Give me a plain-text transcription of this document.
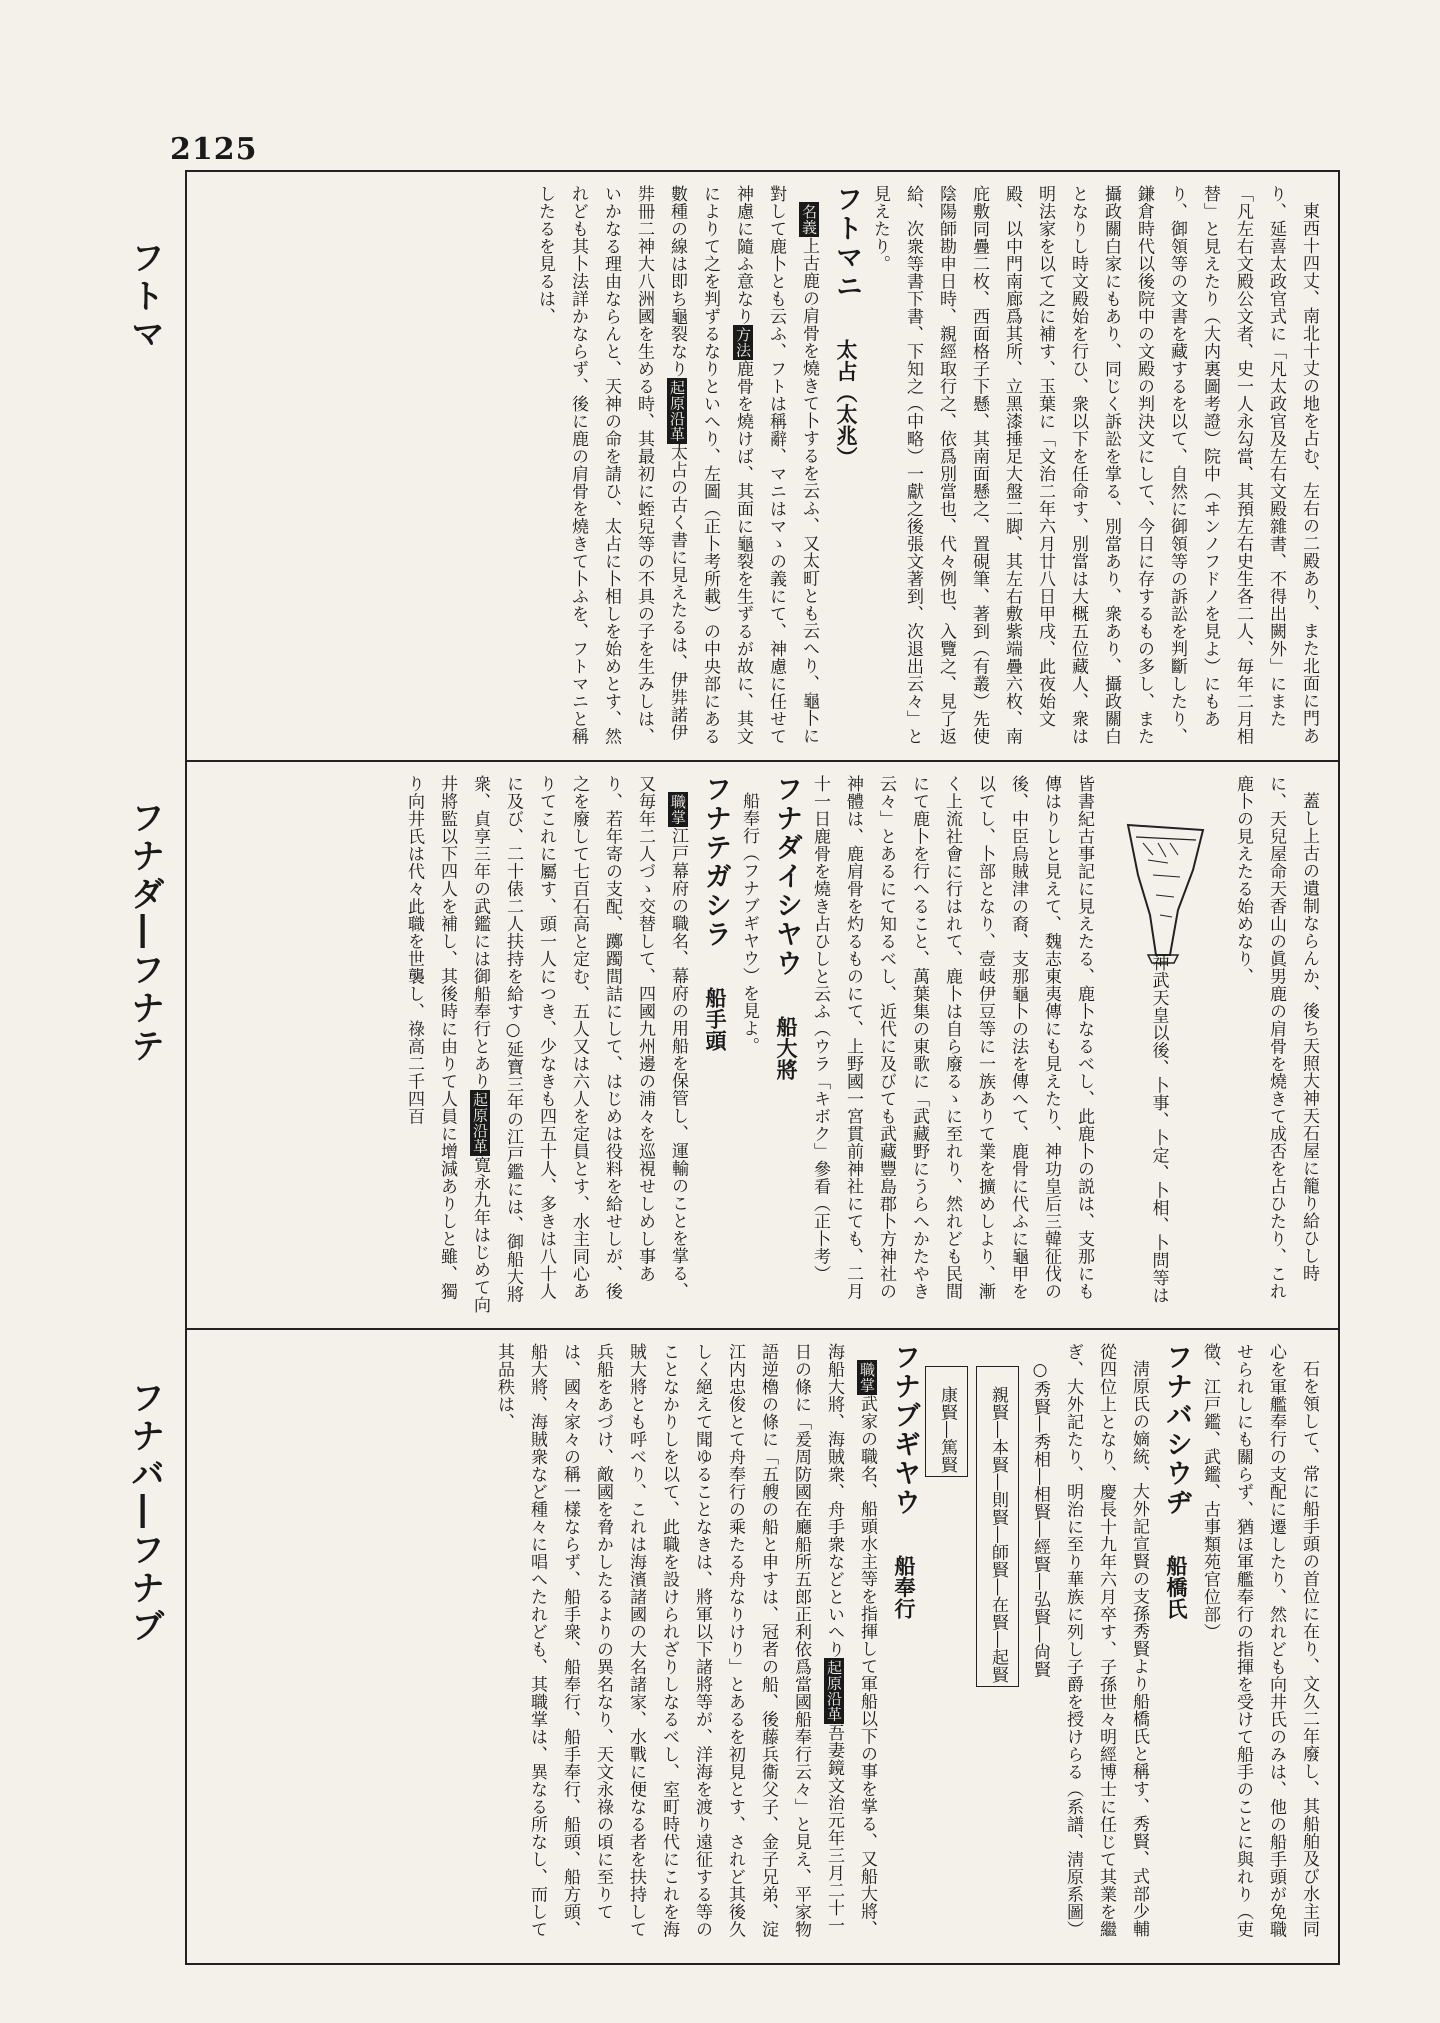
2125
フトマ
フナダ―フナテ
フナバ―フナブ

東西十四丈、南北十丈の地を占む、左右の二殿あり、また北面に門あり、延喜太政官式に「凡太政官及左右文殿雜書、不得出闕外」にまた「凡左右文殿公文者、史一人永勾當、其預左右史生各二人、毎年二月相替」と見えたり（大内裏圖考證）院中（ヰンノフドノを見よ）にもあり、御領等の文書を藏するを以て、自然に御領等の訴訟を判斷したり、鎌倉時代以後院中の文殿の判決文にして、今日に存するもの多し、また攝政關白家にもあり、同じく訴訟を掌る、別當あり、衆あり、攝政關白となりし時文殿始を行ひ、衆以下を任命す、別當は大概五位藏人、衆は明法家を以て之に補す、玉葉に「文治二年六月廿八日甲戌、此夜始文殿、以中門南廊爲其所、立黑漆捶足大盤二脚、其左右敷紫端疊六枚、南庇敷同疊二枚、西面格子下懸、其南面懸之、置硯筆、著到（有叢）先使陰陽師勘申日時、親經取行之、依爲別當也、代々例也、入覽之、見了返給、次衆等書下書、下知之（中略）一獻之後張文著到、次退出云々」と見えたり。

フトマニ 太占（太兆）

名義上古鹿の肩骨を燒きて卜するを云ふ、又太町とも云へり、龜卜に對して鹿卜とも云ふ、フトは稱辭、マニはマゝの義にて、神慮に任せて神慮に隨ふ意なり方法鹿骨を燒けば、其面に龜裂を生ずるが故に、其文によりて之を判ずるなりといへり、左圖（正卜考所載）の中央部にある數種の線は即ち龜裂なり起原沿革太占の古く書に見えたるは、伊弉諾伊弉冊二神大八洲國を生める時、其最初に蛭兒等の不具の子を生みしは、いかなる理由ならんと、天神の命を請ひ、太占に卜相しを始めとす、然れども其卜法詳かならず、後に鹿の肩骨を燒きて卜ふを、フトマニと稱したるを見るは、

蓋し上古の遺制ならんか、後ち天照大神天石屋に籠り給ひし時に、天兒屋命天香山の眞男鹿の肩骨を燒きて成否を占ひたり、これ鹿卜の見えたる始めなり、

神武天皇以後、卜事、卜定、卜相、卜問等は皆書紀古事記に見えたる、鹿卜なるべし、此鹿卜の説は、支那にも傳はりしと見えて、魏志東夷傳にも見えたり、神功皇后三韓征伐の後、中臣烏賊津の裔、支那龜卜の法を傳へて、鹿骨に代ふに龜甲を以てし、卜部となり、壹岐伊豆等に一族ありて業を擴めしより、漸く上流社會に行はれて、鹿卜は自ら廢るゝに至れり、然れども民間にて鹿卜を行へること、萬葉集の東歌に「武藏野にうらへかたやき云々」とあるにて知るべし、近代に及びても武藏豐島郡卜方神社の神體は、鹿肩骨を灼るものにて、上野國一宮貫前神社にても、二月十一日鹿骨を燒き占ひしと云ふ（ウラ「キボク」參看（正卜考）

フナダイシヤウ 船大將

船奉行（フナブギヤウ）を見よ。

フナテガシラ 船手頭

職掌江戸幕府の職名、幕府の用船を保管し、運輸のことを掌る、又毎年二人づゝ交替して、四國九州邊の浦々を巡視せしめし事あり、若年寄の支配、躑躅間詰にして、はじめは役料を給せしが、後之を廢して七百石高と定む、五人又は六人を定員とす、水主同心ありてこれに屬す、頭一人につき、少なきも四五十人、多きは八十人に及び、二十俵二人扶持を給す○延寶三年の江戸鑑には、御船大將衆、貞享三年の武鑑には御船奉行とあり起原沿革寛永九年はじめて向井將監以下四人を補し、其後時に由りて人員に增減ありしと雖、獨り向井氏は代々此職を世襲し、祿高二千四百

石を領して、常に船手頭の首位に在り、文久二年廢し、其船舶及び水主同心を軍艦奉行の支配に遷したり、然れども向井氏のみは、他の船手頭が免職せられしにも關らず、猶ほ軍艦奉行の指揮を受けて船手のことに與れり（吏徵、江戸鑑、武鑑、古事類苑官位部）

フナバシウヂ 船橋氏

淸原氏の嫡統、大外記宣賢の支孫秀賢より船橋氏と稱す、秀賢、式部少輔從四位上となり、慶長十九年六月卒す、子孫世々明經博士に任じて其業を繼ぎ、大外記たり、明治に至り華族に列し子爵を授けらる（系譜、淸原系圖）

○秀賢―秀相―相賢―經賢―弘賢―尙賢

親賢―本賢―則賢―師賢―在賢―起賢

康賢―篤賢

フナブギヤウ 船奉行

職掌武家の職名、船頭水主等を指揮して軍船以下の事を掌る、又船大將、海船大將、海賊衆、舟手衆などといへり起原沿革吾妻鏡文治元年三月二十一日の條に「爰周防國在廳船所五郎正利依爲當國船奉行云々」と見え、平家物語逆櫓の條に「五艘の船と申すは、冠者の船、後藤兵衞父子、金子兄弟、淀江内忠俊とて舟奉行の乘たる舟なりけり」とあるを初見とす、されど其後久しく絕えて聞ゆることなきは、將軍以下諸將等が、洋海を渡り遠征する等のことなかりしを以て、此職を設けられざりしなるべし、室町時代にこれを海賊大將とも呼べり、これは海濱諸國の大名諸家、水戰に便なる者を扶持して兵船をあづけ、敵國を脅かしたるよりの異名なり、天文永祿の頃に至りては、國々家々の稱一樣ならず、船手衆、船奉行、船手奉行、船頭、船方頭、船大將、海賊衆など種々に唱へたれども、其職掌は、異なる所なし、而して其品秩は、
